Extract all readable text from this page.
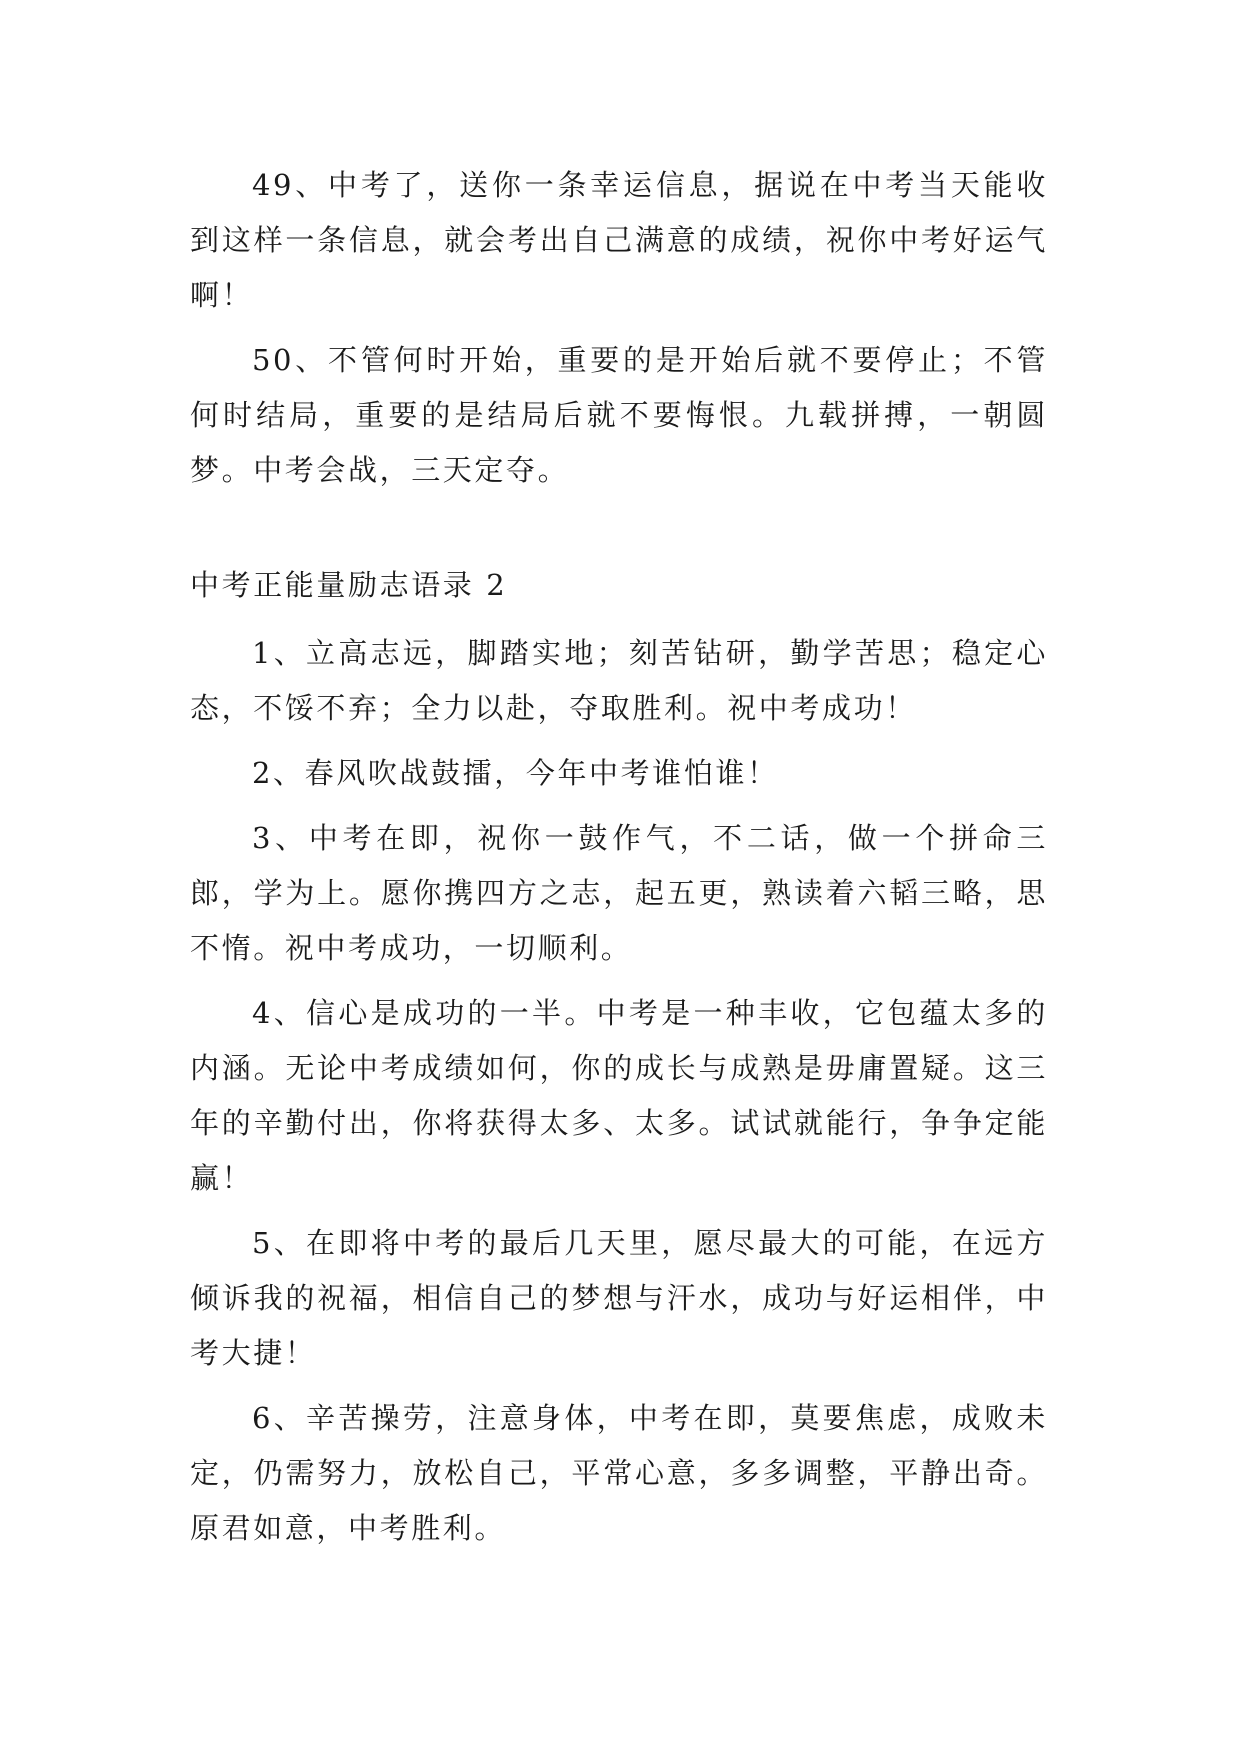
49、中考了，送你一条幸运信息，据说在中考当天能收到这样一条信息，就会考出自己满意的成绩，祝你中考好运气啊！

50、不管何时开始，重要的是开始后就不要停止；不管何时结局，重要的是结局后就不要悔恨。九载拼搏，一朝圆梦。中考会战，三天定夺。

中考正能量励志语录 2

1、立高志远，脚踏实地；刻苦钻研，勤学苦思；稳定心态，不馁不弃；全力以赴，夺取胜利。祝中考成功！

2、春风吹战鼓擂，今年中考谁怕谁！

3、中考在即，祝你一鼓作气，不二话，做一个拼命三郎，学为上。愿你携四方之志，起五更，熟读着六韬三略，思不惰。祝中考成功，一切顺利。

4、信心是成功的一半。中考是一种丰收，它包蕴太多的内涵。无论中考成绩如何，你的成长与成熟是毋庸置疑。这三年的辛勤付出，你将获得太多、太多。试试就能行，争争定能赢！

5、在即将中考的最后几天里，愿尽最大的可能，在远方倾诉我的祝福，相信自己的梦想与汗水，成功与好运相伴，中考大捷！

6、辛苦操劳，注意身体，中考在即，莫要焦虑，成败未定，仍需努力，放松自己，平常心意，多多调整，平静出奇。原君如意，中考胜利。
